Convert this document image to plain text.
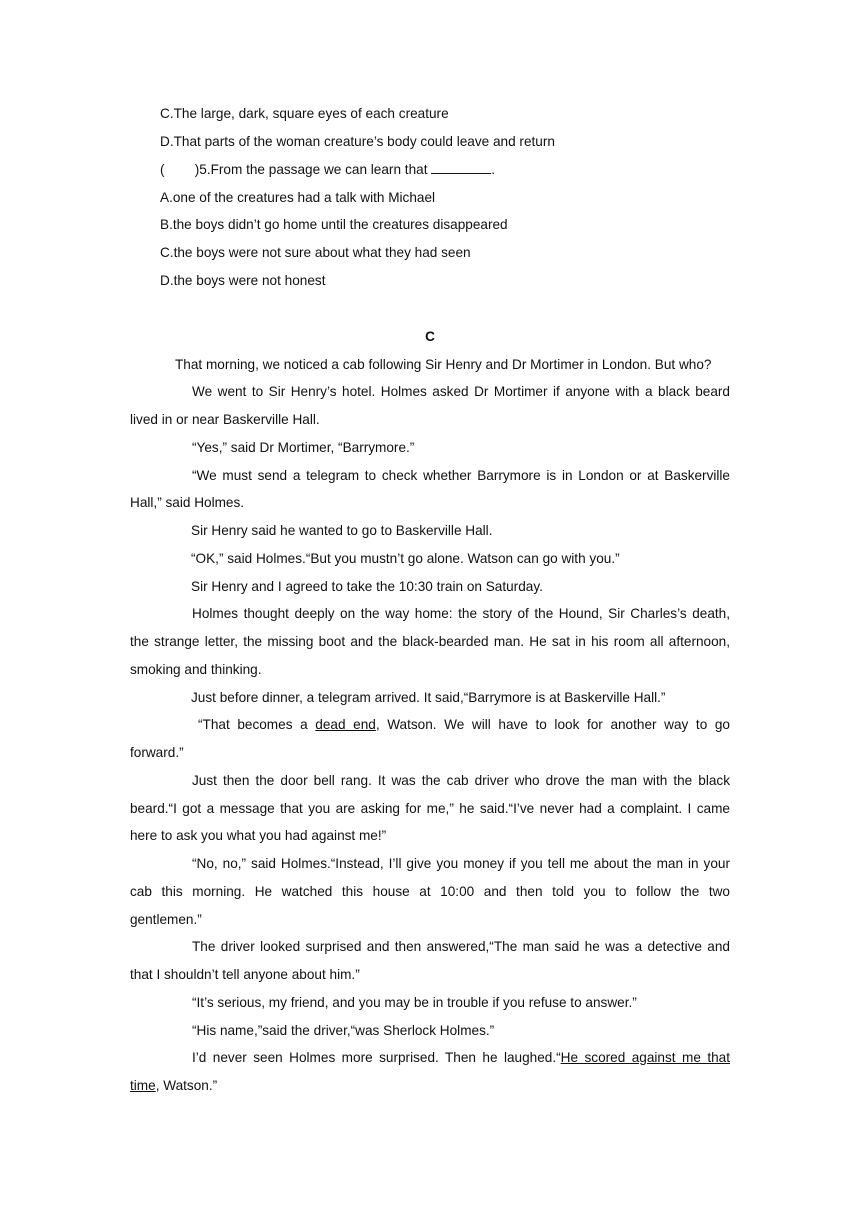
C.The large, dark, square eyes of each creature
D.That parts of the woman creature’s body could leave and return
(        )5.From the passage we can learn that	.
A.one of the creatures had a talk with Michael
B.the boys didn’t go home until the creatures disappeared
C.the boys were not sure about what they had seen
D.the boys were not honest
C
That morning, we noticed a cab following Sir Henry and Dr Mortimer in London. But who?
We went to Sir Henry’s hotel. Holmes asked Dr Mortimer if anyone with a black beard
lived in or near Baskerville Hall.
“Yes,” said Dr Mortimer, “Barrymore.”
“We must send a telegram to check whether Barrymore is in London or at Baskerville
Hall,” said Holmes.
Sir Henry said he wanted to go to Baskerville Hall.
“OK,” said Holmes.“But you mustn’t go alone. Watson can go with you.”
Sir Henry and I agreed to take the 10:30 train on Saturday.
Holmes thought deeply on the way home: the story of the Hound, Sir Charles’s death,
the strange letter, the missing boot and the black-bearded man. He sat in his room all afternoon,
smoking and thinking.
Just before dinner, a telegram arrived. It said,“Barrymore is at Baskerville Hall.”
“That becomes a dead end, Watson. We will have to look for another way to go
forward.”
Just then the door bell rang. It was the cab driver who drove the man with the black
beard.“I got a message that you are asking for me,” he said.“I’ve never had a complaint. I came
here to ask you what you had against me!”
“No, no,” said Holmes.“Instead, I’ll give you money if you tell me about the man in your
cab this morning. He watched this house at 10:00 and then told you to follow the two
gentlemen.”
The driver looked surprised and then answered,“The man said he was a detective and
that I shouldn’t tell anyone about him.”
“It’s serious, my friend, and you may be in trouble if you refuse to answer.”
“His name,”said the driver,“was Sherlock Holmes.”
I’d never seen Holmes more surprised. Then he laughed.“He scored against me that
time, Watson.”
